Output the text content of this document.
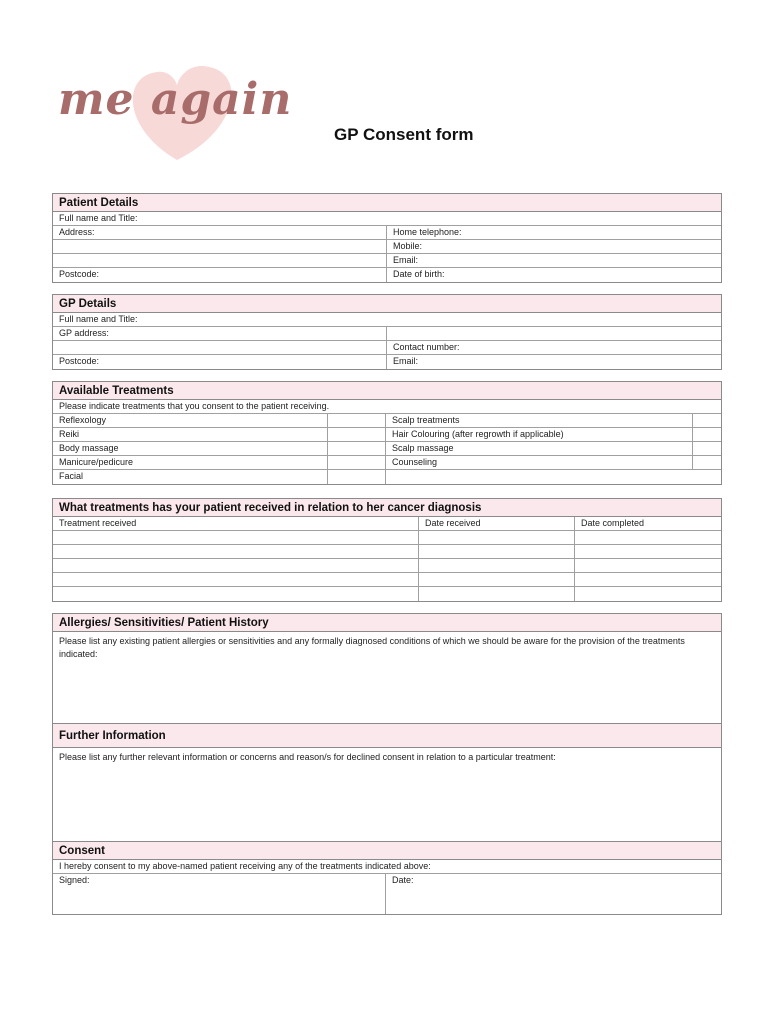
me again
GP Consent form
Patient Details
Full name and Title:
Address:	Home telephone:
Mobile:
Email:
Postcode:	Date of birth:
GP Details
Full name and Title:
GP address:
Contact number:
Postcode:	Email:
Available Treatments
Please indicate treatments that you consent to the patient receiving.
Reflexology	Scalp treatments
Reiki	Hair Colouring (after regrowth if applicable)
Body massage	Scalp massage
Manicure/pedicure	Counseling
Facial
What treatments has your patient received in relation to her cancer diagnosis
Treatment received	Date received	Date completed
Allergies/ Sensitivities/ Patient History
Please list any existing patient allergies or sensitivities and any formally diagnosed conditions of which we should be aware for the provision of the treatments indicated:
Further Information
Please list any further relevant information or concerns and reason/s for declined consent in relation to a particular treatment:
Consent
I hereby consent to my above-named patient receiving any of the treatments indicated above:
Signed:	Date:
